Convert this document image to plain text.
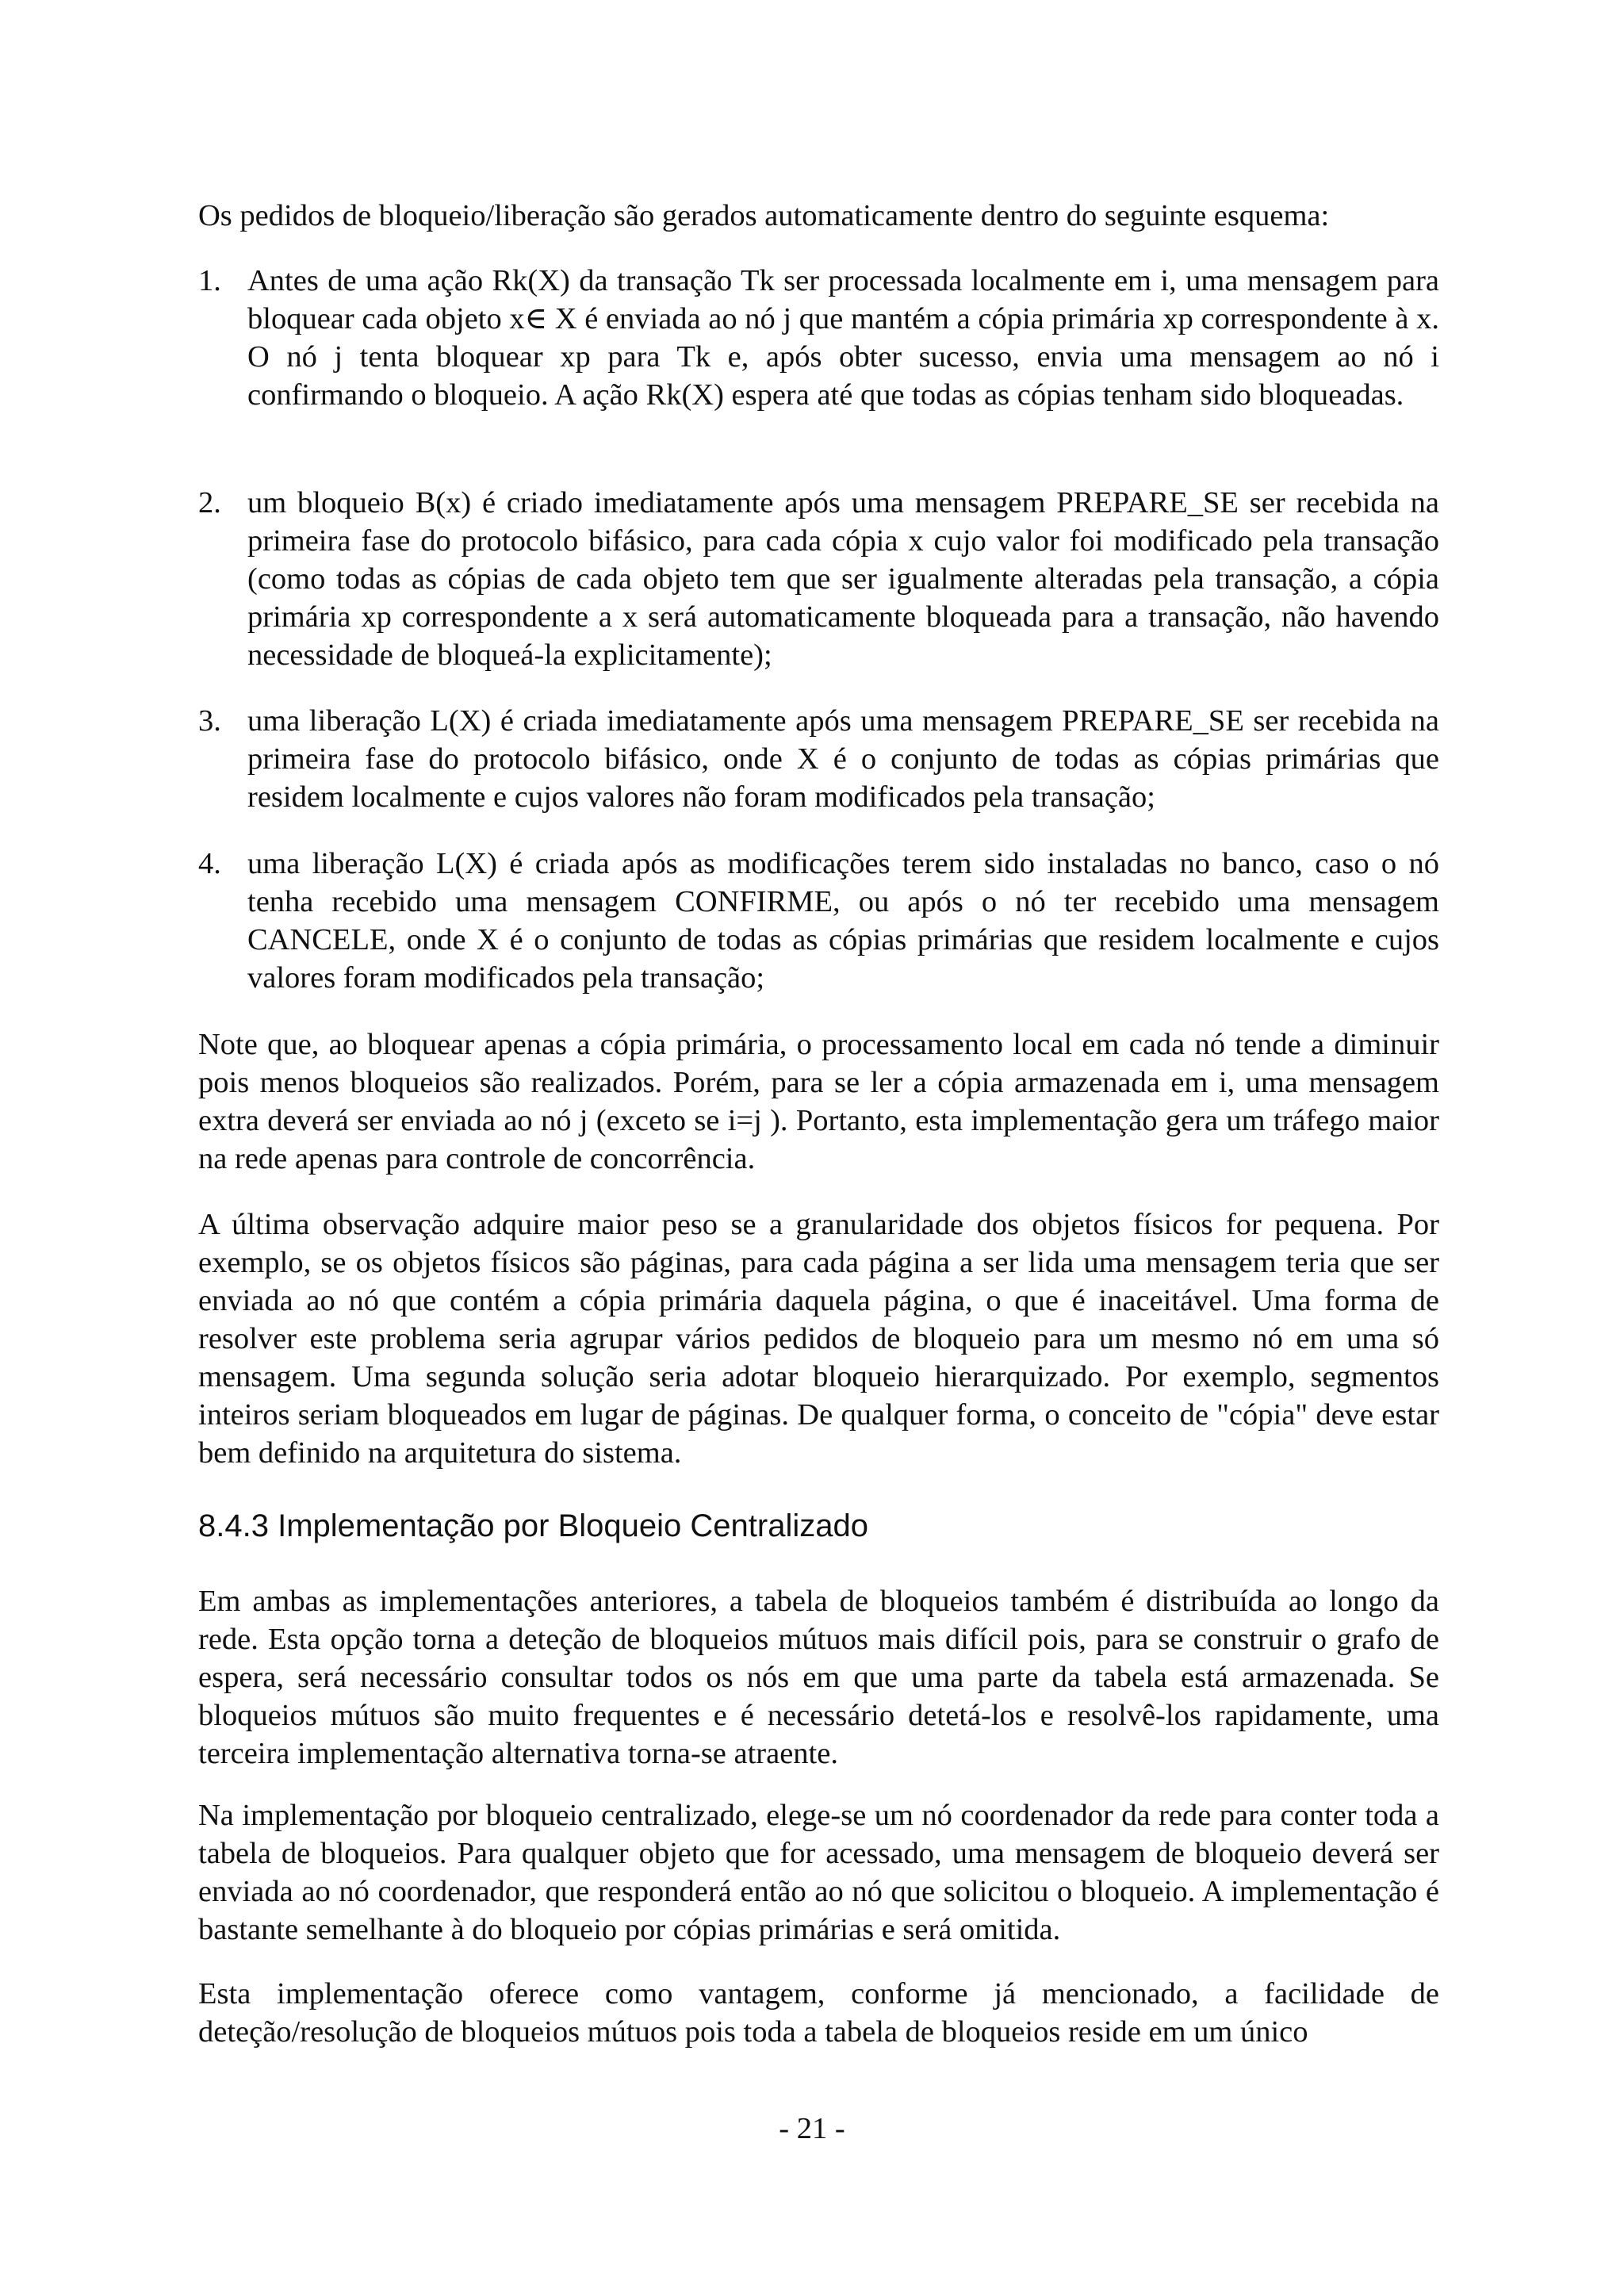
Os pedidos de bloqueio/liberação são gerados automaticamente dentro do seguinte esquema:

1. Antes de uma ação Rk(X) da transação Tk ser processada localmente em i, uma mensagem para bloquear cada objeto x∈ X é enviada ao nó j que mantém a cópia primária xp correspondente à x. O nó j tenta bloquear xp para Tk e, após obter sucesso, envia uma mensagem ao nó i confirmando o bloqueio. A ação Rk(X) espera até que todas as cópias tenham sido bloqueadas.
2. um bloqueio B(x) é criado imediatamente após uma mensagem PREPARE_SE ser recebida na primeira fase do protocolo bifásico, para cada cópia x cujo valor foi modificado pela transação (como todas as cópias de cada objeto tem que ser igualmente alteradas pela transação, a cópia primária xp correspondente a x será automaticamente bloqueada para a transação, não havendo necessidade de bloqueá-la explicitamente);
3. uma liberação L(X) é criada imediatamente após uma mensagem PREPARE_SE ser recebida na primeira fase do protocolo bifásico, onde X é o conjunto de todas as cópias primárias que residem localmente e cujos valores não foram modificados pela transação;
4. uma liberação L(X) é criada após as modificações terem sido instaladas no banco, caso o nó tenha recebido uma mensagem CONFIRME, ou após o nó ter recebido uma mensagem CANCELE, onde X é o conjunto de todas as cópias primárias que residem localmente e cujos valores foram modificados pela transação;

Note que, ao bloquear apenas a cópia primária, o processamento local em cada nó tende a diminuir pois menos bloqueios são realizados. Porém, para se ler a cópia armazenada em i, uma mensagem extra deverá ser enviada ao nó j (exceto se i=j ). Portanto, esta implementação gera um tráfego maior na rede apenas para controle de concorrência.

A última observação adquire maior peso se a granularidade dos objetos físicos for pequena. Por exemplo, se os objetos físicos são páginas, para cada página a ser lida uma mensagem teria que ser enviada ao nó que contém a cópia primária daquela página, o que é inaceitável. Uma forma de resolver este problema seria agrupar vários pedidos de bloqueio para um mesmo nó em uma só mensagem. Uma segunda solução seria adotar bloqueio hierarquizado. Por exemplo, segmentos inteiros seriam bloqueados em lugar de páginas. De qualquer forma, o conceito de "cópia" deve estar bem definido na arquitetura do sistema.

8.4.3 Implementação por Bloqueio Centralizado

Em ambas as implementações anteriores, a tabela de bloqueios também é distribuída ao longo da rede. Esta opção torna a deteção de bloqueios mútuos mais difícil pois, para se construir o grafo de espera, será necessário consultar todos os nós em que uma parte da tabela está armazenada. Se bloqueios mútuos são muito frequentes e é necessário detetá-los e resolvê-los rapidamente, uma terceira implementação alternativa torna-se atraente.

Na implementação por bloqueio centralizado, elege-se um nó coordenador da rede para conter toda a tabela de bloqueios. Para qualquer objeto que for acessado, uma mensagem de bloqueio deverá ser enviada ao nó coordenador, que responderá então ao nó que solicitou o bloqueio. A implementação é bastante semelhante à do bloqueio por cópias primárias e será omitida.

Esta implementação oferece como vantagem, conforme já mencionado, a facilidade de deteção/resolução de bloqueios mútuos pois toda a tabela de bloqueios reside em um único

- 21 -
